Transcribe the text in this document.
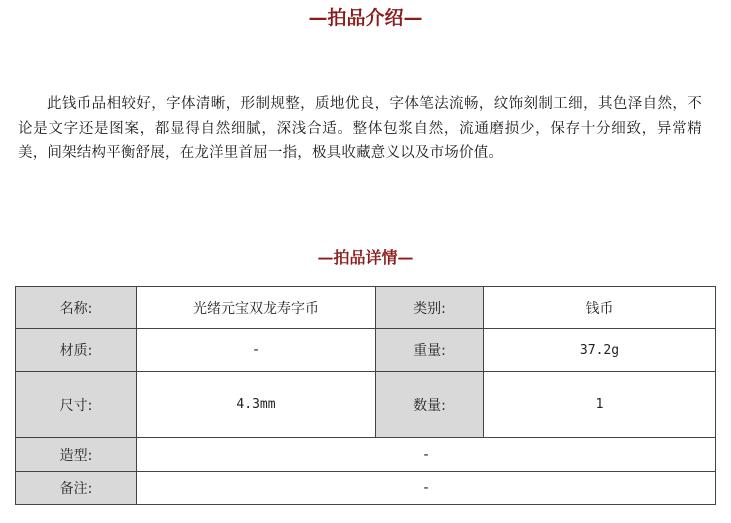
—拍品介绍—

此钱币品相较好，字体清晰，形制规整，质地优良，字体笔法流畅，纹饰刻制工细，其色泽自然，不论是文字还是图案，都显得自然细腻，深浅合适。整体包浆自然，流通磨损少，保存十分细致，异常精美，间架结构平衡舒展，在龙洋里首屈一指，极具收藏意义以及市场价值。

—拍品详情—
名称:	光绪元宝双龙寿字币	类别:	钱币
材质:	-	重量:	37.2g
尺寸:	4.3mm	数量:	1
造型:	-		
备注:	-		
